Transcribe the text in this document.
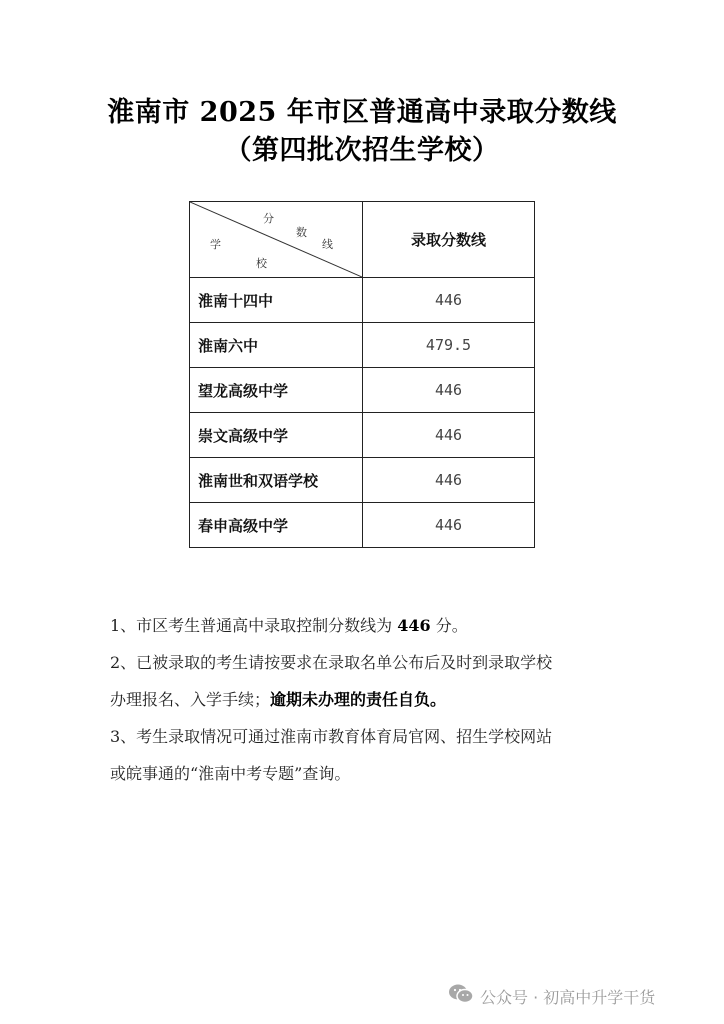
淮南市 2025 年市区普通高中录取分数线
（第四批次招生学校）
分
数
线
学
校	录取分数线
淮南十四中	446
淮南六中	479.5
望龙高级中学	446
崇文高级中学	446
淮南世和双语学校	446
春申高级中学	446

1、市区考生普通高中录取控制分数线为 446 分。

2、已被录取的考生请按要求在录取名单公布后及时到录取学校

办理报名、入学手续；逾期未办理的责任自负。

3、考生录取情况可通过淮南市教育体育局官网、招生学校网站

或皖事通的“淮南中考专题”查询。

公众号 · 初高中升学干货
